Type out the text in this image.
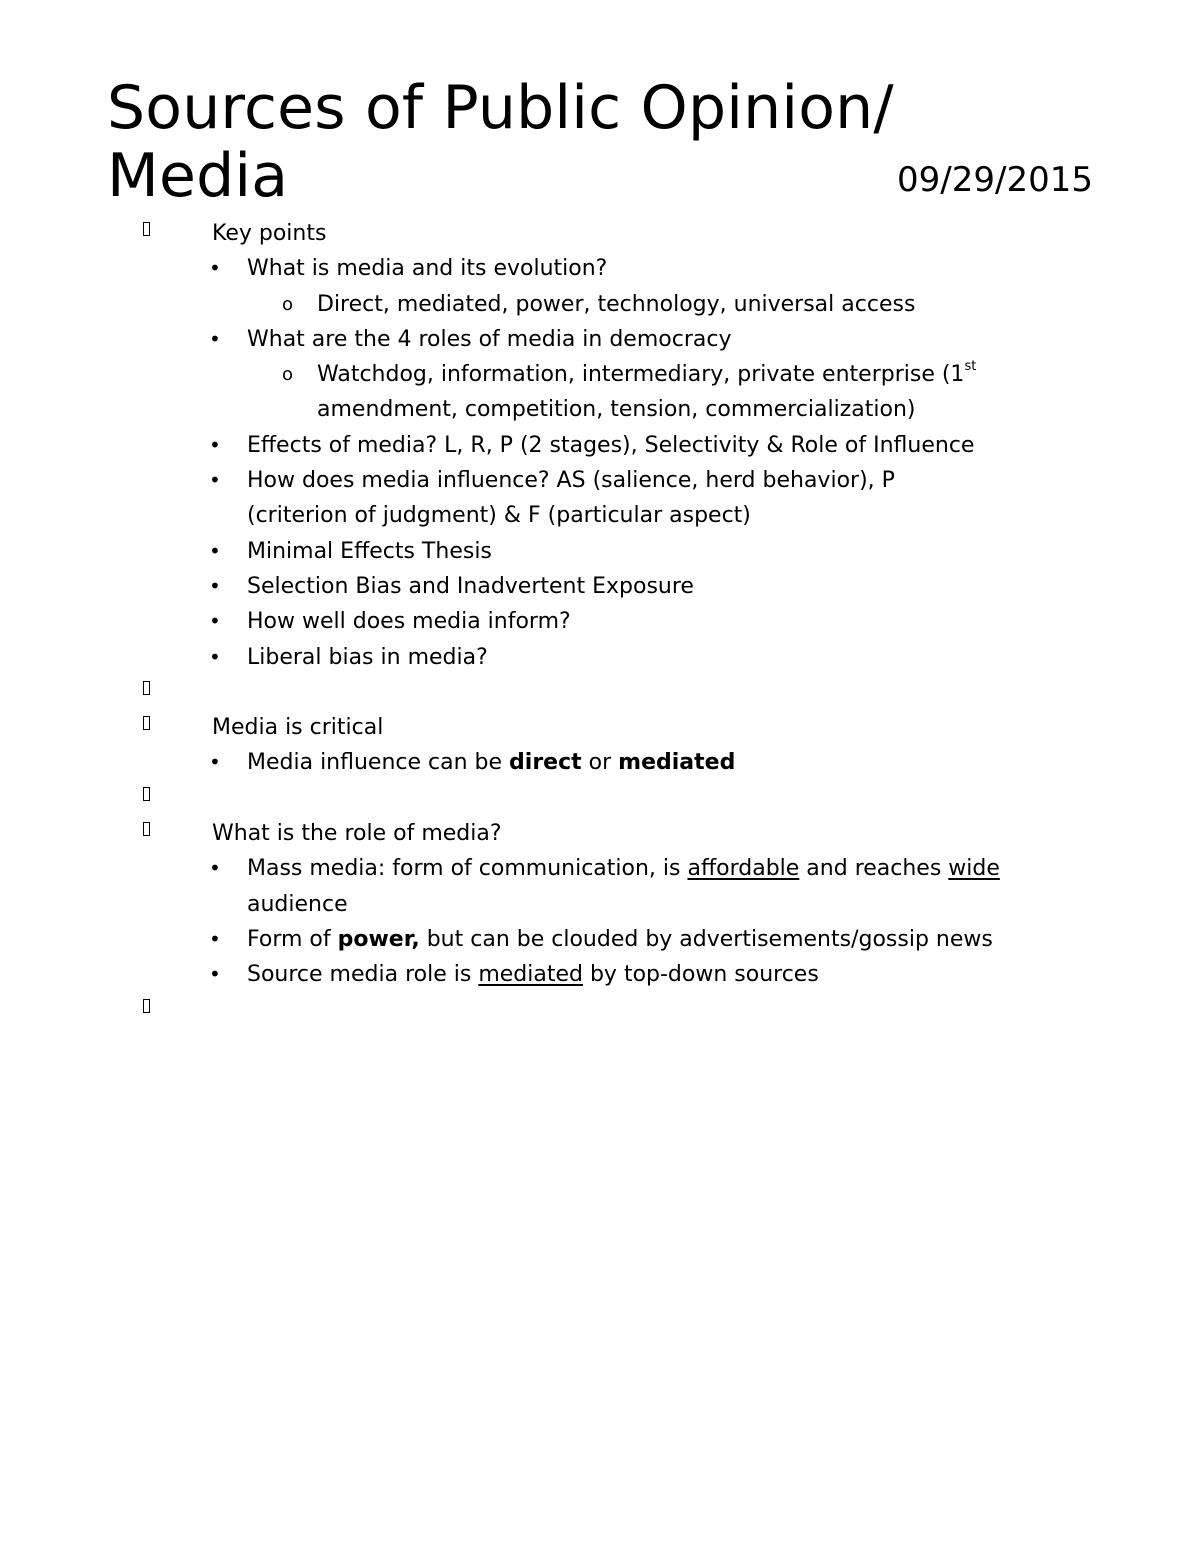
Sources of Public Opinion/
Media	09/29/2015
Key points
• What is media and its evolution?
o Direct, mediated, power, technology, universal access
• What are the 4 roles of media in democracy
o Watchdog, information, intermediary, private enterprise (1st
amendment, competition, tension, commercialization)
• Effects of media? L, R, P (2 stages), Selectivity & Role of Influence
• How does media influence? AS (salience, herd behavior), P
(criterion of judgment) & F (particular aspect)
• Minimal Effects Thesis
• Selection Bias and Inadvertent Exposure
• How well does media inform?
• Liberal bias in media?

Media is critical
• Media influence can be direct or mediated

What is the role of media?
• Mass media: form of communication, is affordable and reaches wide
audience
• Form of power, but can be clouded by advertisements/gossip news
• Source media role is mediated by top-down sources
